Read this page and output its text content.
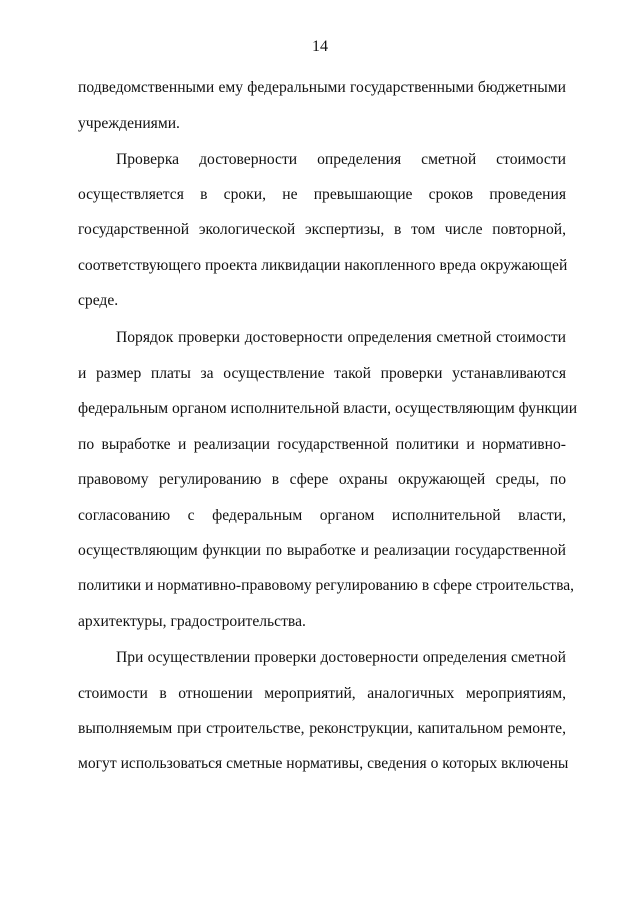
14
подведомственными ему федеральными государственными бюджетными
учреждениями.
Проверка достоверности определения сметной стоимости
осуществляется в сроки, не превышающие сроков проведения
государственной экологической экспертизы, в том числе повторной,
соответствующего проекта ликвидации накопленного вреда окружающей
среде.
Порядок проверки достоверности определения сметной стоимости
и размер платы за осуществление такой проверки устанавливаются
федеральным органом исполнительной власти, осуществляющим функции
по выработке и реализации государственной политики и нормативно-
правовому регулированию в сфере охраны окружающей среды, по
согласованию с федеральным органом исполнительной власти,
осуществляющим функции по выработке и реализации государственной
политики и нормативно-правовому регулированию в сфере строительства,
архитектуры, градостроительства.
При осуществлении проверки достоверности определения сметной
стоимости в отношении мероприятий, аналогичных мероприятиям,
выполняемым при строительстве, реконструкции, капитальном ремонте,
могут использоваться сметные нормативы, сведения о которых включены
